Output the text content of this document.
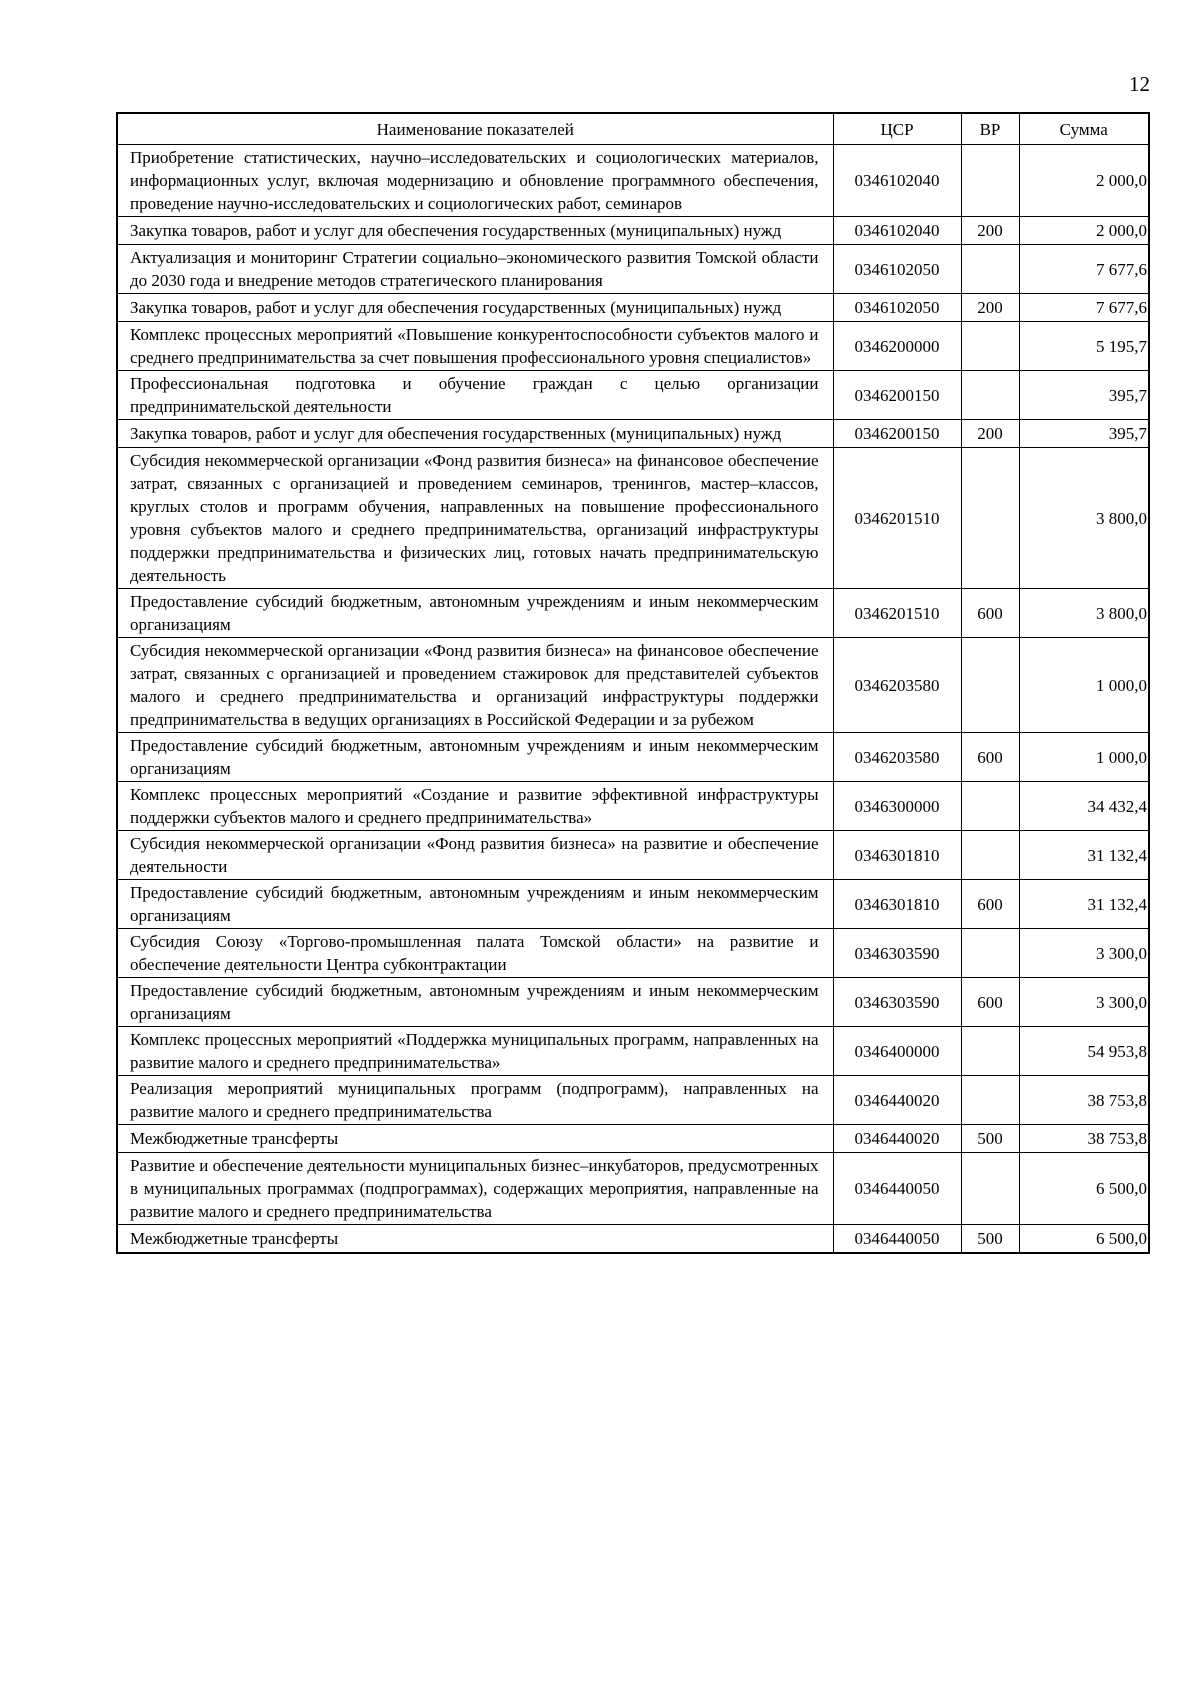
12
Наименование показателей	ЦСР	ВР	Сумма
Приобретение статистических, научно–исследовательских и социологических материалов, информационных услуг, включая модернизацию и обновление программного обеспечения, проведение научно-исследовательских и социологических работ, семинаров	0346102040		2 000,0
Закупка товаров, работ и услуг для обеспечения государственных (муниципальных) нужд	0346102040	200	2 000,0
Актуализация и мониторинг Стратегии социально–экономического развития Томской области до 2030 года и внедрение методов стратегического планирования	0346102050		7 677,6
Закупка товаров, работ и услуг для обеспечения государственных (муниципальных) нужд	0346102050	200	7 677,6
Комплекс процессных мероприятий «Повышение конкурентоспособности субъектов малого и среднего предпринимательства за счет повышения профессионального уровня специалистов»	0346200000		5 195,7
Профессиональная подготовка и обучение граждан с целью организации предпринимательской деятельности	0346200150		395,7
Закупка товаров, работ и услуг для обеспечения государственных (муниципальных) нужд	0346200150	200	395,7
Субсидия некоммерческой организации «Фонд развития бизнеса» на финансовое обеспечение затрат, связанных с организацией и проведением семинаров, тренингов, мастер–классов, круглых столов и программ обучения, направленных на повышение профессионального уровня субъектов малого и среднего предпринимательства, организаций инфраструктуры поддержки предпринимательства и физических лиц, готовых начать предпринимательскую деятельность	0346201510		3 800,0
Предоставление субсидий бюджетным, автономным учреждениям и иным некоммерческим организациям	0346201510	600	3 800,0
Субсидия некоммерческой организации «Фонд развития бизнеса» на финансовое обеспечение затрат, связанных с организацией и проведением стажировок для представителей субъектов малого и среднего предпринимательства и организаций инфраструктуры поддержки предпринимательства в ведущих организациях в Российской Федерации и за рубежом	0346203580		1 000,0
Предоставление субсидий бюджетным, автономным учреждениям и иным некоммерческим организациям	0346203580	600	1 000,0
Комплекс процессных мероприятий «Создание и развитие эффективной инфраструктуры поддержки субъектов малого и среднего предпринимательства»	0346300000		34 432,4
Субсидия некоммерческой организации «Фонд развития бизнеса» на развитие и обеспечение деятельности	0346301810		31 132,4
Предоставление субсидий бюджетным, автономным учреждениям и иным некоммерческим организациям	0346301810	600	31 132,4
Субсидия Союзу «Торгово-промышленная палата Томской области» на развитие и обеспечение деятельности Центра субконтрактации	0346303590		3 300,0
Предоставление субсидий бюджетным, автономным учреждениям и иным некоммерческим организациям	0346303590	600	3 300,0
Комплекс процессных мероприятий «Поддержка муниципальных программ, направленных на развитие малого и среднего предпринимательства»	0346400000		54 953,8
Реализация мероприятий муниципальных программ (подпрограмм), направленных на развитие малого и среднего предпринимательства	0346440020		38 753,8
Межбюджетные трансферты	0346440020	500	38 753,8
Развитие и обеспечение деятельности муниципальных бизнес–инкубаторов, предусмотренных в муниципальных программах (подпрограммах), содержащих мероприятия, направленные на развитие малого и среднего предпринимательства	0346440050		6 500,0
Межбюджетные трансферты	0346440050	500	6 500,0
